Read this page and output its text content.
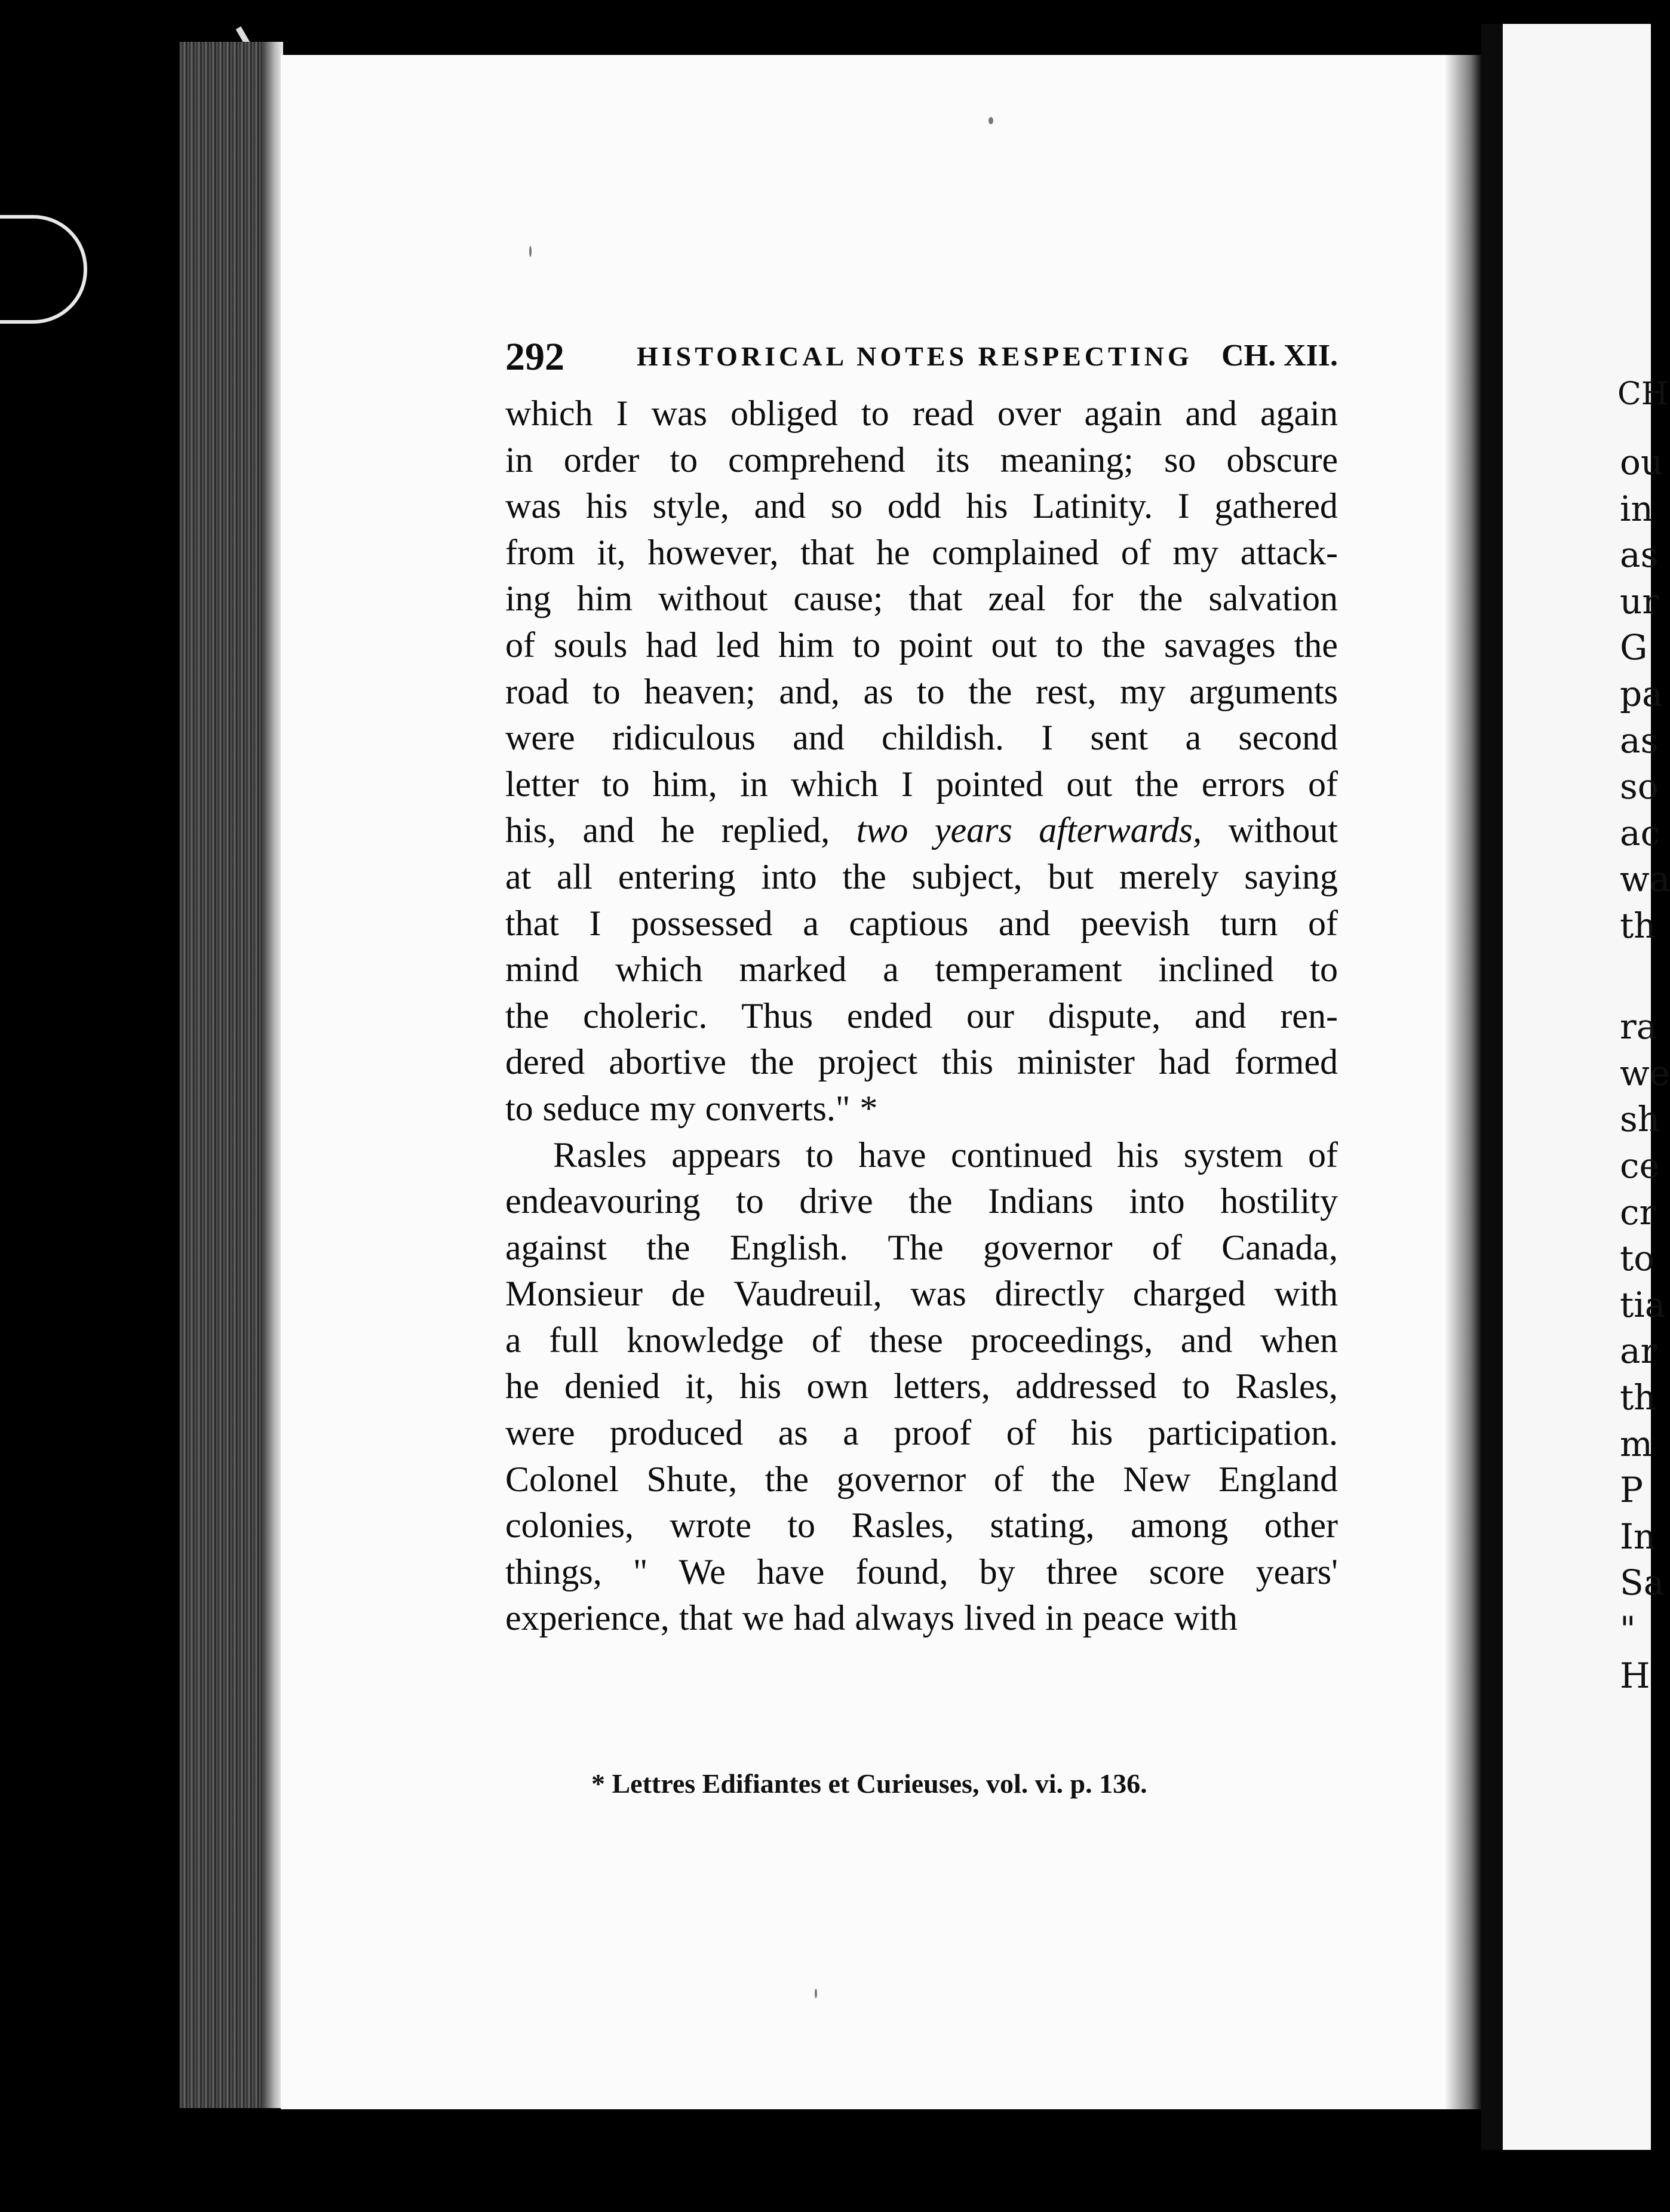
CH
ou
in
as
ur
G
pa
as
so
ac
wa
th
ra
we
sh
ce
cr
to
tia
ar
th
m
P
In
Sa
"
H
292	HISTORICAL NOTES RESPECTING CH. XII.
which I was obliged to read over again and again
in order to comprehend its meaning; so obscure
was his style, and so odd his Latinity. I gathered
from it, however, that he complained of my attack-
ing him without cause; that zeal for the salvation
of souls had led him to point out to the savages the
road to heaven; and, as to the rest, my arguments
were ridiculous and childish. I sent a second
letter to him, in which I pointed out the errors of
his, and he replied, two years afterwards, without
at all entering into the subject, but merely saying
that I possessed a captious and peevish turn of
mind which marked a temperament inclined to
the choleric. Thus ended our dispute, and ren-
dered abortive the project this minister had formed
to seduce my converts." *
Rasles appears to have continued his system of
endeavouring to drive the Indians into hostility
against the English. The governor of Canada,
Monsieur de Vaudreuil, was directly charged with
a full knowledge of these proceedings, and when
he denied it, his own letters, addressed to Rasles,
were produced as a proof of his participation.
Colonel Shute, the governor of the New England
colonies, wrote to Rasles, stating, among other
things, " We have found, by three score years'
experience, that we had always lived in peace with
* Lettres Edifiantes et Curieuses, vol. vi. p. 136.
